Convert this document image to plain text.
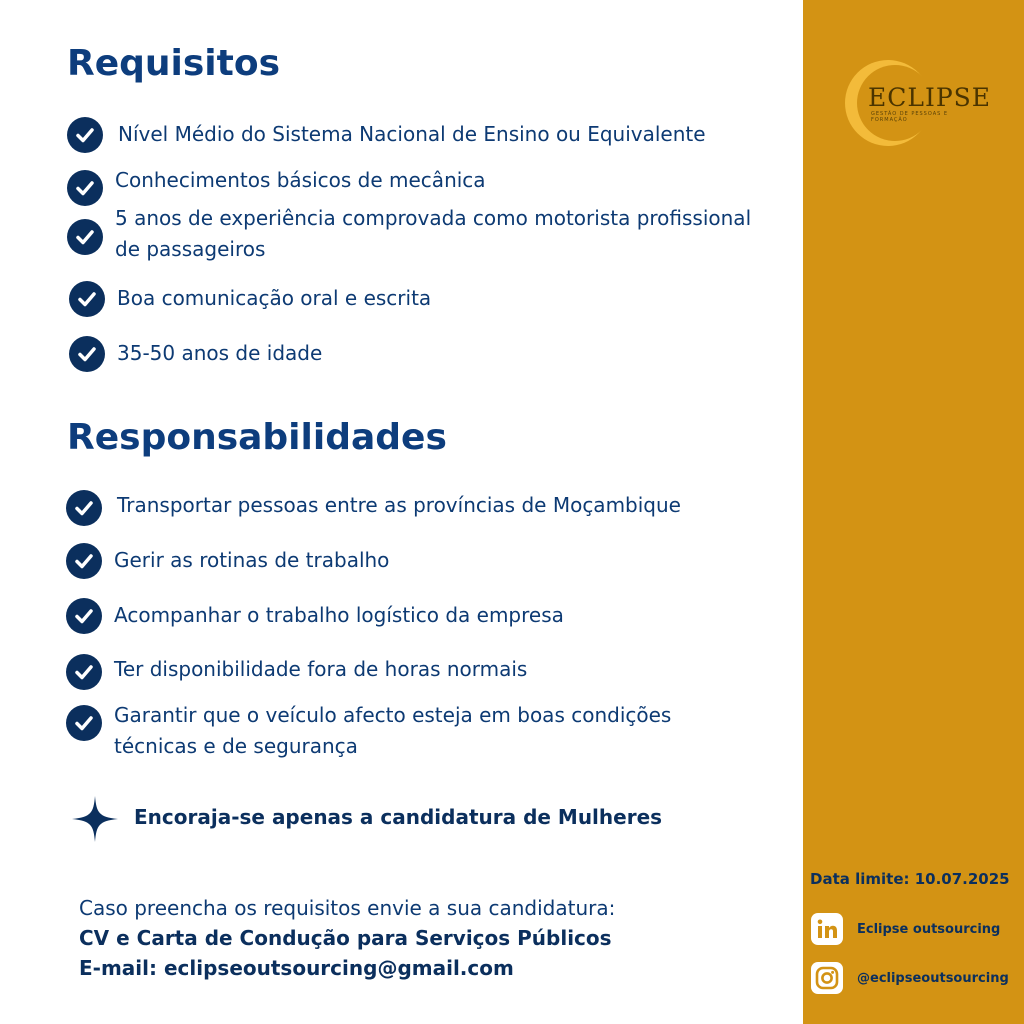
ECLIPSE
GESTÃO DE PESSOAS E FORMAÇÃO
Requisitos
Nível Médio do Sistema Nacional de Ensino ou Equivalente
Conhecimentos básicos de mecânica
5 anos de experiência comprovada como motorista profissional de passageiros
Boa comunicação oral e escrita
35-50 anos de idade
Responsabilidades
Transportar pessoas entre as províncias de Moçambique
Gerir as rotinas de trabalho
Acompanhar o trabalho logístico da empresa
Ter disponibilidade fora de horas normais
Garantir que o veículo afecto esteja em boas condições técnicas e de segurança
Encoraja-se apenas a candidatura de Mulheres
Caso preencha os requisitos envie a sua candidatura:
CV e Carta de Condução para Serviços Públicos
E-mail: eclipseoutsourcing@gmail.com
Data limite: 10.07.2025
Eclipse outsourcing
@eclipseoutsourcing
